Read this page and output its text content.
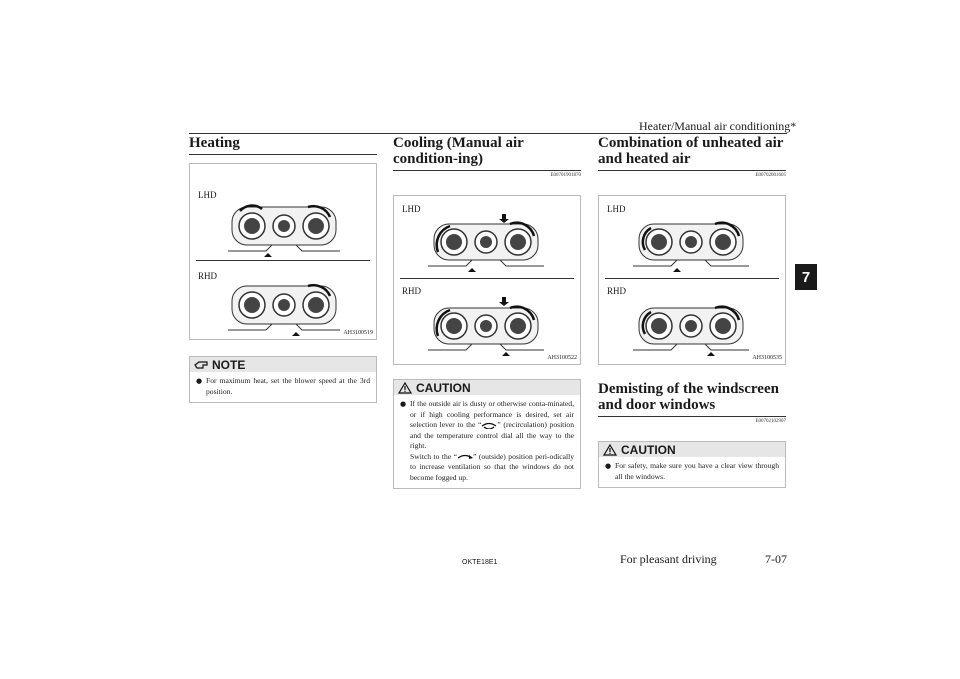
Heater/Manual air conditioning*
7
Heating
LHD
RHD
AH3100519
NOTE
● For maximum heat, set the blower speed at the 3rd position.
Cooling (Manual air condition-ing)
E00701901870
LHD
RHD
AH3100522
CAUTION
● If the outside air is dusty or otherwise conta-minated, or if high cooling performance is desired, set air selection lever to the “ ” (recirculation) position and the temperature control dial all the way to the right.
Switch to the “ ” (outside) position peri-odically to increase ventilation so that the windows do not become fogged up.
Combination of unheated air and heated air
E00702001605
LHD
RHD
AH3100535
Demisting of the windscreen and door windows
E00702102907
CAUTION
● For safety, make sure you have a clear view through all the windows.
OKTE18E1	For pleasant driving	7-07
